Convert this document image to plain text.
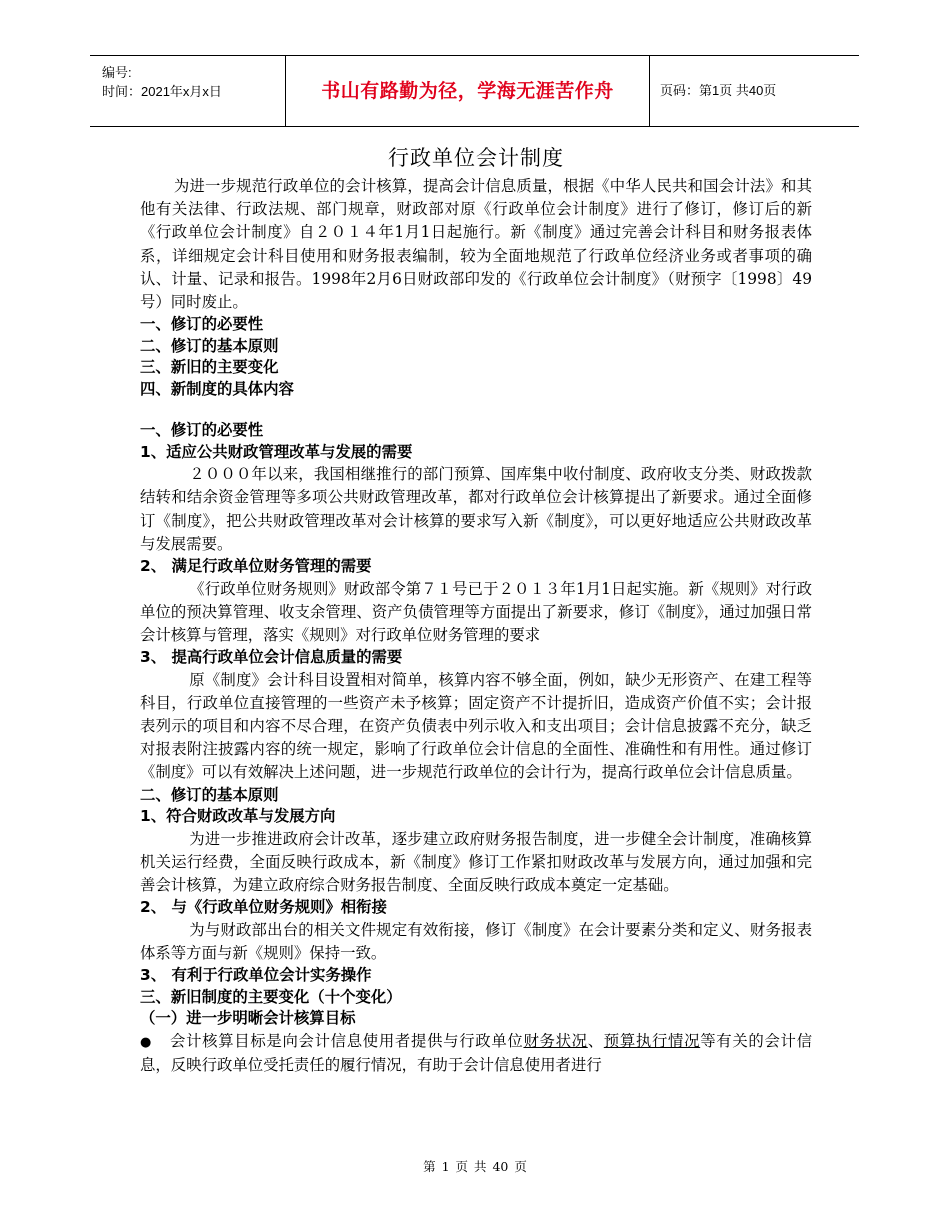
编号:
时间：2021年x月x日	书山有路勤为径，学海无涯苦作舟	页码：第1页 共40页
行政单位会计制度

为进一步规范行政单位的会计核算，提高会计信息质量，根据《中华人民共和国会计法》和其他有关法律、行政法规、部门规章，财政部对原《行政单位会计制度》进行了修订，修订后的新《行政单位会计制度》自２０１４年1月1日起施行。新《制度》通过完善会计科目和财务报表体系，详细规定会计科目使用和财务报表编制，较为全面地规范了行政单位经济业务或者事项的确认、计量、记录和报告。1998年2月6日财政部印发的《行政单位会计制度》（财预字〔1998〕49号）同时废止。

一、修订的必要性
二、修订的基本原则
三、新旧的主要变化
四、新制度的具体内容
一、修订的必要性
1、适应公共财政管理改革与发展的需要

２０００年以来，我国相继推行的部门预算、国库集中收付制度、政府收支分类、财政拨款结转和结余资金管理等多项公共财政管理改革，都对行政单位会计核算提出了新要求。通过全面修订《制度》，把公共财政管理改革对会计核算的要求写入新《制度》，可以更好地适应公共财政改革与发展需要。

2、 满足行政单位财务管理的需要

《行政单位财务规则》财政部令第７１号已于２０１３年1月1日起实施。新《规则》对行政单位的预决算管理、收支余管理、资产负债管理等方面提出了新要求，修订《制度》，通过加强日常会计核算与管理，落实《规则》对行政单位财务管理的要求

3、 提高行政单位会计信息质量的需要

原《制度》会计科目设置相对简单，核算内容不够全面，例如，缺少无形资产、在建工程等科目，行政单位直接管理的一些资产未予核算；固定资产不计提折旧，造成资产价值不实；会计报表列示的项目和内容不尽合理，在资产负债表中列示收入和支出项目；会计信息披露不充分，缺乏对报表附注披露内容的统一规定，影响了行政单位会计信息的全面性、准确性和有用性。通过修订《制度》可以有效解决上述问题，进一步规范行政单位的会计行为，提高行政单位会计信息质量。

二、修订的基本原则
1、符合财政改革与发展方向

为进一步推进政府会计改革，逐步建立政府财务报告制度，进一步健全会计制度，准确核算机关运行经费，全面反映行政成本，新《制度》修订工作紧扣财政改革与发展方向，通过加强和完善会计核算，为建立政府综合财务报告制度、全面反映行政成本奠定一定基础。

2、 与《行政单位财务规则》相衔接

为与财政部出台的相关文件规定有效衔接，修订《制度》在会计要素分类和定义、财务报表体系等方面与新《规则》保持一致。

3、 有利于行政单位会计实务操作
三、新旧制度的主要变化（十个变化）
（一）进一步明晰会计核算目标

● 会计核算目标是向会计信息使用者提供与行政单位财务状况、预算执行情况等有关的会计信息，反映行政单位受托责任的履行情况，有助于会计信息使用者进行

第 1 页 共 40 页
